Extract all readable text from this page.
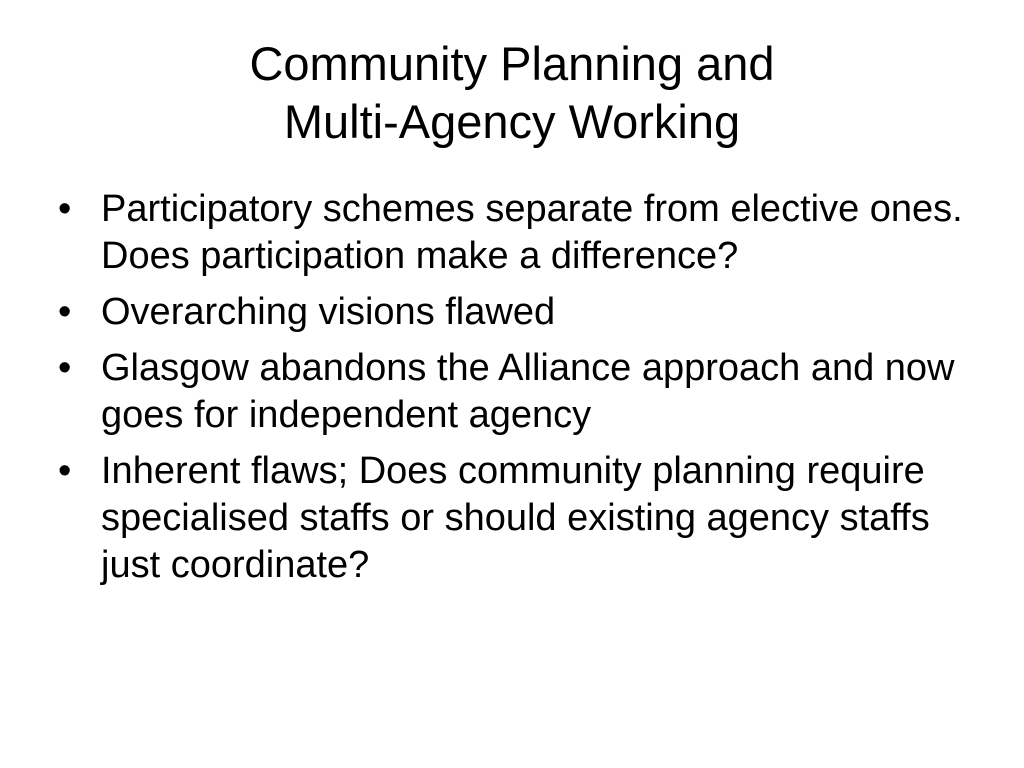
Community Planning and
Multi-Agency Working
• Participatory schemes separate from elective ones. Does participation make a difference?
• Overarching visions flawed
• Glasgow abandons the Alliance approach and now goes for independent agency
• Inherent flaws; Does community planning require specialised staffs or should existing agency staffs just coordinate?
